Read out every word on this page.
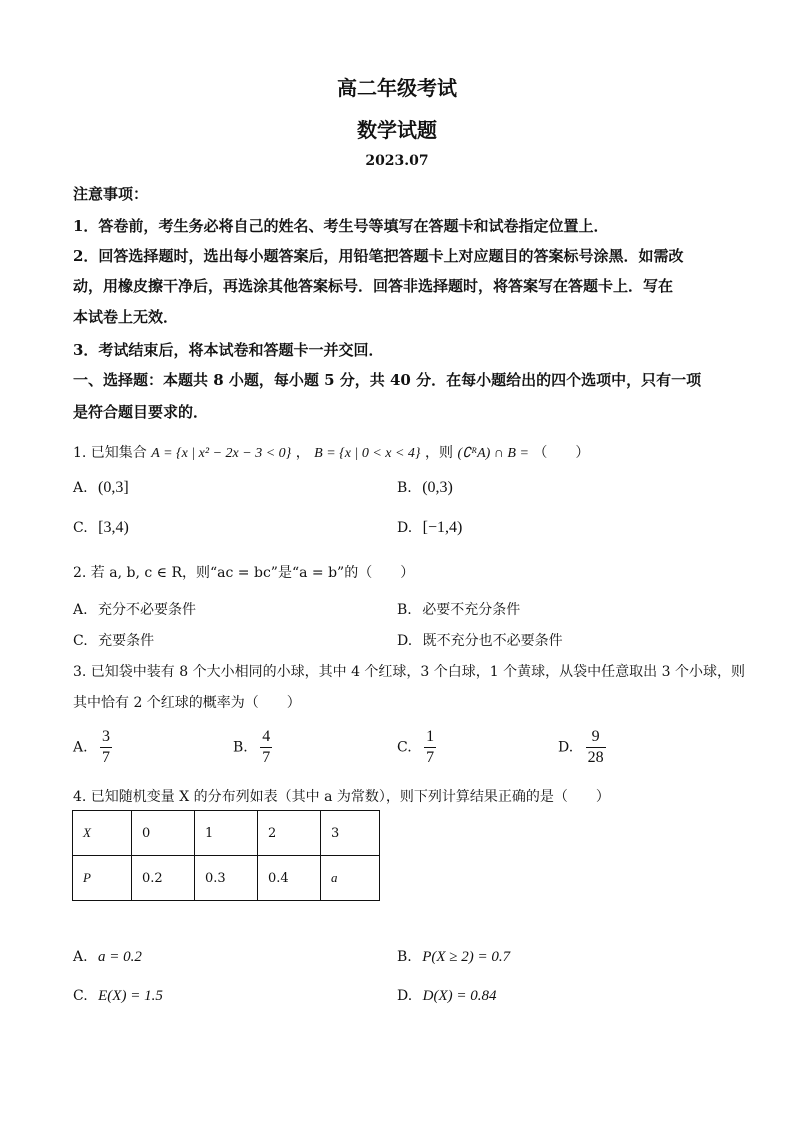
高二年级考试
数学试题
2023.07
注意事项：
1．答卷前，考生务必将自己的姓名、考生号等填写在答题卡和试卷指定位置上．
2．回答选择题时，选出每小题答案后，用铅笔把答题卡上对应题目的答案标号涂黑．如需改
动，用橡皮擦干净后，再选涂其他答案标号．回答非选择题时，将答案写在答题卡上．写在
本试卷上无效．
3．考试结束后，将本试卷和答题卡一并交回．
一、选择题：本题共 8 小题，每小题 5 分，共 40 分．在每小题给出的四个选项中，只有一项
是符合题目要求的．
1. 已知集合 A = {x | x² − 2x − 3 < 0} ， B = {x | 0 < x < 4} ，则 (∁ᴿA) ∩ B = （　　）
A. (0,3]	B. (0,3)
C. [3,4)	D. [−1,4)
2. 若 a, b, c ∈ R，则“ac = bc”是“a = b”的（　　）
A. 充分不必要条件	B. 必要不充分条件
C. 充要条件	D. 既不充分也不必要条件
3. 已知袋中装有 8 个大小相同的小球，其中 4 个红球，3 个白球，1 个黄球，从袋中任意取出 3 个小球，则
其中恰有 2 个红球的概率为（　　）
A. $\frac{3}{7}$	B. $\frac{4}{7}$	C. $\frac{1}{7}$	D. $\frac{9}{28}$
4. 已知随机变量 X 的分布列如表（其中 a 为常数），则下列计算结果正确的是（　　）
X	0	1	2	3
P	0.2	0.3	0.4	a
A. a = 0.2	B. P(X ≥ 2) = 0.7
C. E(X) = 1.5	D. D(X) = 0.84
